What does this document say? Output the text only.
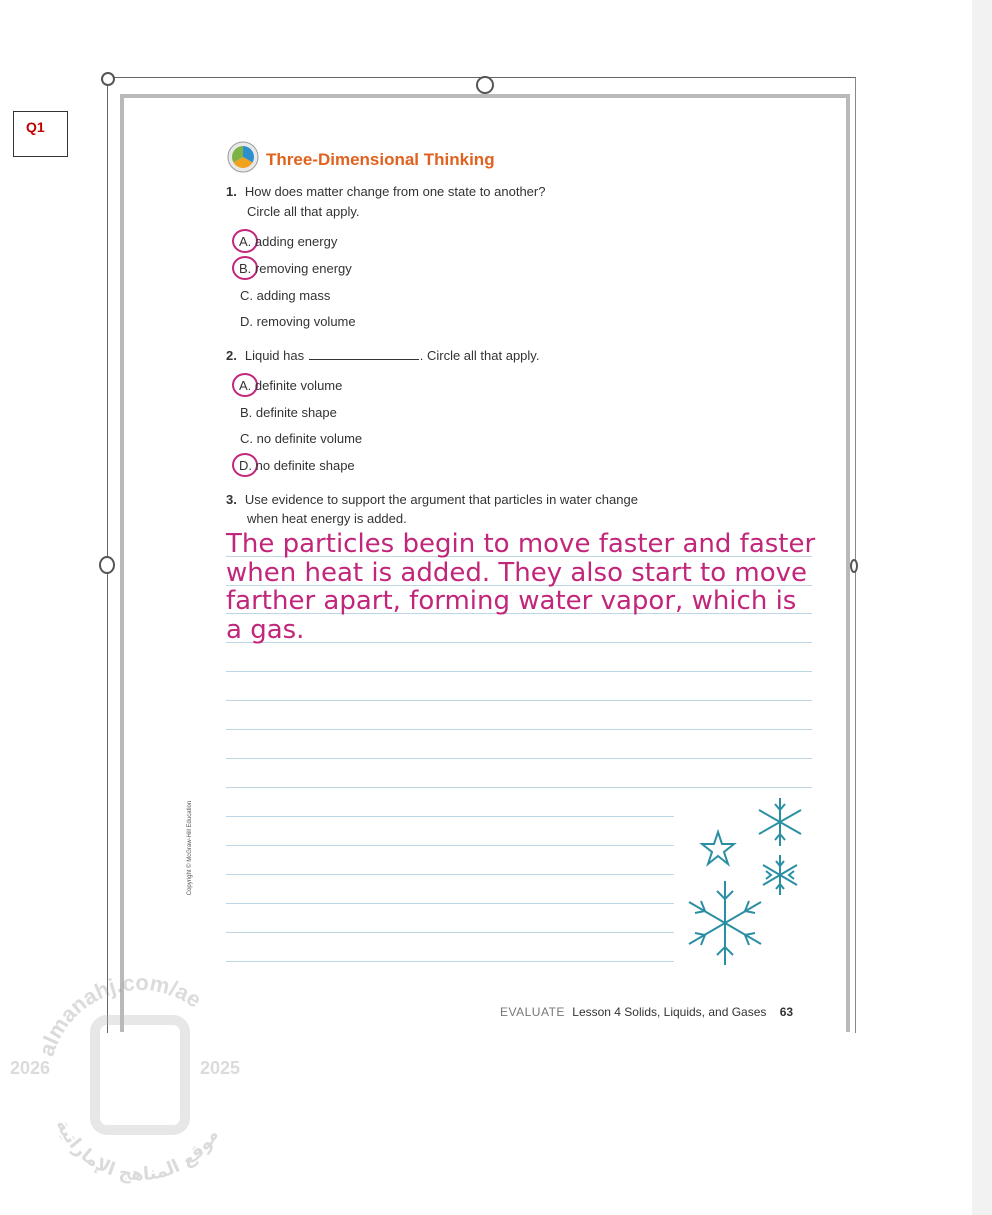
Q1
Three-Dimensional Thinking
1. How does matter change from one state to another?
Circle all that apply.
A. adding energy
B. removing energy
C. adding mass
D. removing volume
2. Liquid has	. Circle all that apply.
A. definite volume
B. definite shape
C. no definite volume
D. no definite shape
3. Use evidence to support the argument that particles in water change
when heat energy is added.
The particles begin to move faster and faster
when heat is added. They also start to move
farther apart, forming water vapor, which is
a gas.
Copyright © McGraw-Hill Education
EVALUATE Lesson 4 Solids, Liquids, and Gases 63
almanahj.com/ae
موقع المناهج الإماراتية
2026	2025
